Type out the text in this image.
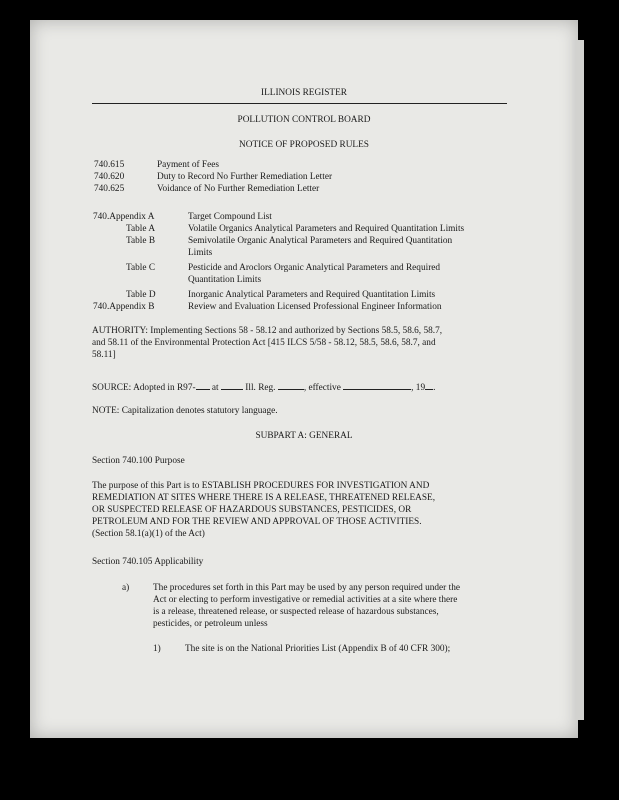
ILLINOIS REGISTER
POLLUTION CONTROL BOARD
NOTICE OF PROPOSED RULES
740.615	Payment of Fees
740.620	Duty to Record No Further Remediation Letter
740.625	Voidance of No Further Remediation Letter
740.Appendix A	Target Compound List
Table A	Volatile Organics Analytical Parameters and Required Quantitation Limits
Table B	Semivolatile Organic Analytical Parameters and Required Quantitation
Limits
Table C	Pesticide and Aroclors Organic Analytical Parameters and Required
Quantitation Limits
Table D	Inorganic Analytical Parameters and Required Quantitation Limits
740.Appendix B	Review and Evaluation Licensed Professional Engineer Information
AUTHORITY: Implementing Sections 58 - 58.12 and authorized by Sections 58.5, 58.6, 58.7,
and 58.11 of the Environmental Protection Act [415 ILCS 5/58 - 58.12, 58.5, 58.6, 58.7, and
58.11]
SOURCE: Adopted in R97- at	Ill. Reg.	, effective	, 19 .
NOTE: Capitalization denotes statutory language.
SUBPART A: GENERAL
Section 740.100 Purpose
The purpose of this Part is to ESTABLISH PROCEDURES FOR INVESTIGATION AND
REMEDIATION AT SITES WHERE THERE IS A RELEASE, THREATENED RELEASE,
OR SUSPECTED RELEASE OF HAZARDOUS SUBSTANCES, PESTICIDES, OR
PETROLEUM AND FOR THE REVIEW AND APPROVAL OF THOSE ACTIVITIES.
(Section 58.1(a)(1) of the Act)
Section 740.105 Applicability
a)	The procedures set forth in this Part may be used by any person required under the
Act or electing to perform investigative or remedial activities at a site where there
is a release, threatened release, or suspected release of hazardous substances,
pesticides, or petroleum unless
1)	The site is on the National Priorities List (Appendix B of 40 CFR 300);
